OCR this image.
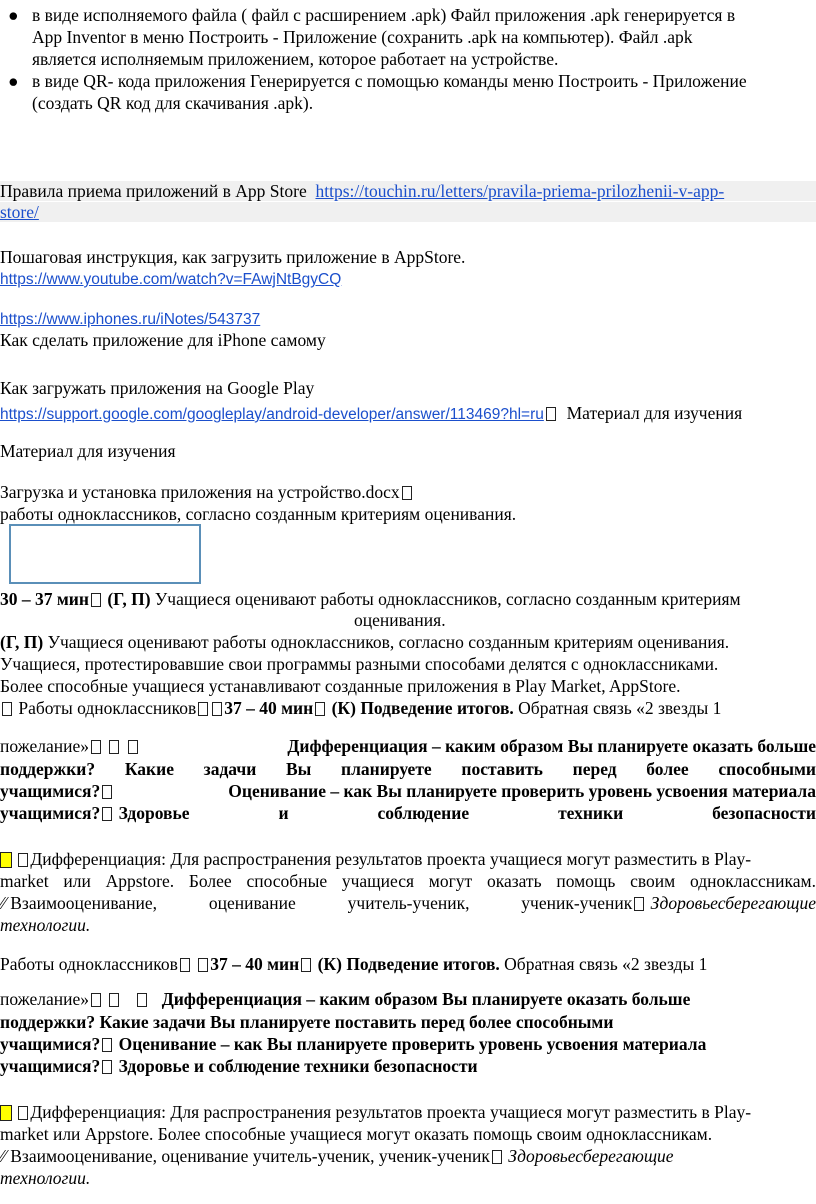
● в виде исполняемого файла ( файл с расширением .apk) Файл приложения .apk генерируется в
App Inventor в меню Построить - Приложение (сохранить .apk на компьютер). Файл .apk
является исполняемым приложением, которое работает на устройстве.
● в виде QR- кода приложения Генерируется с помощью команды меню Построить - Приложение
(создать QR код для скачивания .apk).
Правила приема приложений в App Store https://touchin.ru/letters/pravila-priema-prilozhenii-v-app-
store/
Пошаговая инструкция, как загрузить приложение в AppStore.
https://www.youtube.com/watch?v=FAwjNtBgyCQ
https://www.iphones.ru/iNotes/543737
Как сделать приложение для iPhone самому
Как загружать приложения на Google Play
https://support.google.com/googleplay/android-developer/answer/113469?hl=ru Материал для изучения
Материал для изучения
Загрузка и установка приложения на устройство.docx
работы одноклассников, согласно созданным критериям оценивания.
30 – 37 мин (Г, П) Учащиеся оценивают работы одноклассников, согласно созданным критериям
оценивания.
(Г, П) Учащиеся оценивают работы одноклассников, согласно созданным критериям оценивания.
Учащиеся, протестировавшие свои программы разными способами делятся с одноклассниками.
Более способные учащиеся устанавливают созданные приложения в Play Market, AppStore.
Работы одноклассников 37 – 40 мин (К) Подведение итогов. Обратная связь «2 звезды 1
пожелание»	Дифференциация – каким образом Вы планируете оказать больше
поддержки? Какие задачи Вы планируете поставить перед более способными
учащимися?	Оценивание – как Вы планируете проверить уровень усвоения материала
учащимися? Здоровье	и	соблюдение	техники	безопасности
Дифференциация: Для распространения результатов проекта учащиеся могут разместить в Play-
market или Appstore. Более способные учащиеся могут оказать помощь своим одноклассникам.
⁄⁄ Взаимооценивание,	оценивание	учитель-ученик,	ученик-ученик Здоровьесберегающие
технологии.
Работы одноклассников 37 – 40 мин (К) Подведение итогов. Обратная связь «2 звезды 1
пожелание»	Дифференциация – каким образом Вы планируете оказать больше
поддержки? Какие задачи Вы планируете поставить перед более способными
учащимися? Оценивание – как Вы планируете проверить уровень усвоения материала
учащимися? Здоровье и соблюдение техники безопасности
Дифференциация: Для распространения результатов проекта учащиеся могут разместить в Play-
market или Appstore. Более способные учащиеся могут оказать помощь своим одноклассникам.
⁄⁄ Взаимооценивание, оценивание учитель-ученик, ученик-ученик Здоровьесберегающие
технологии.
